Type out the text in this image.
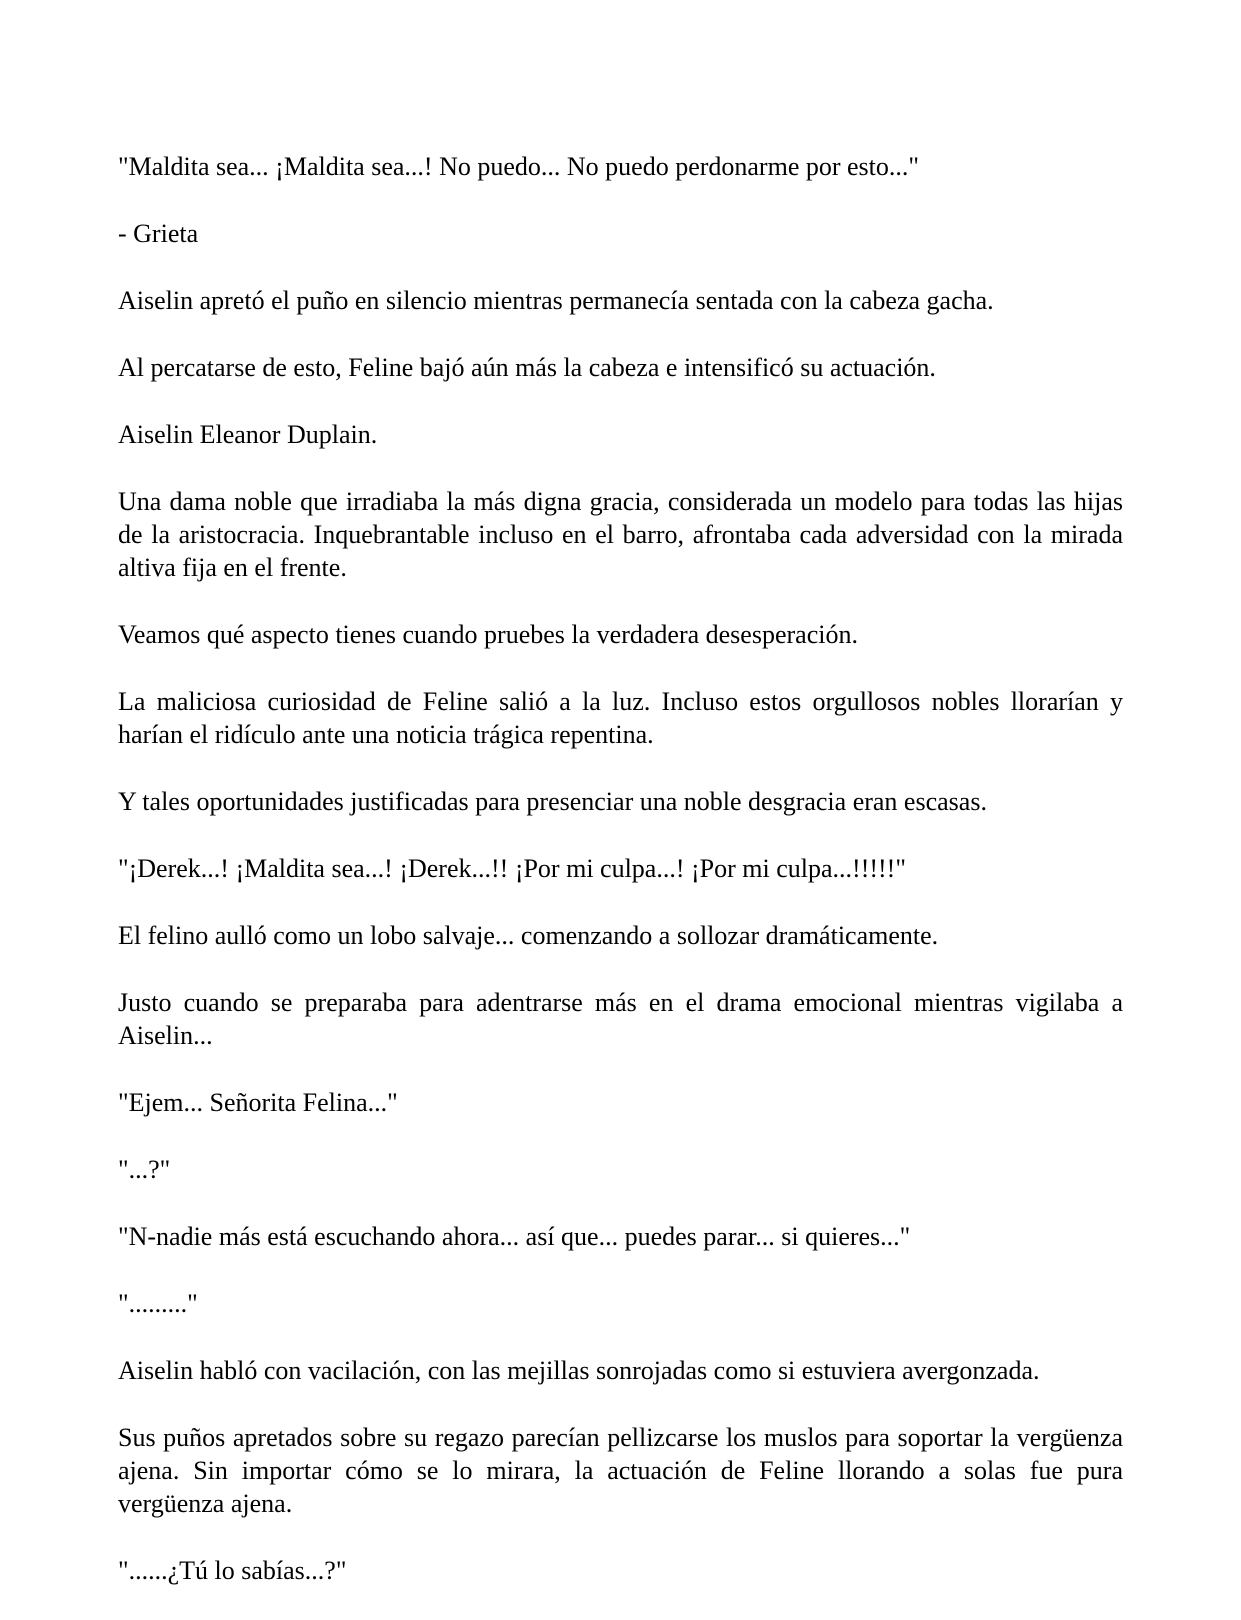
"Maldita sea... ¡Maldita sea...! No puedo... No puedo perdonarme por esto..."

- Grieta

Aiselin apretó el puño en silencio mientras permanecía sentada con la cabeza gacha.

Al percatarse de esto, Feline bajó aún más la cabeza e intensificó su actuación.

Aiselin Eleanor Duplain.

Una dama noble que irradiaba la más digna gracia, considerada un modelo para todas las hijas de la aristocracia. Inquebrantable incluso en el barro, afrontaba cada adversidad con la mirada altiva fija en el frente.

Veamos qué aspecto tienes cuando pruebes la verdadera desesperación.

La maliciosa curiosidad de Feline salió a la luz. Incluso estos orgullosos nobles llorarían y harían el ridículo ante una noticia trágica repentina.

Y tales oportunidades justificadas para presenciar una noble desgracia eran escasas.

"¡Derek...! ¡Maldita sea...! ¡Derek...!! ¡Por mi culpa...! ¡Por mi culpa...!!!!!"

El felino aulló como un lobo salvaje... comenzando a sollozar dramáticamente.

Justo cuando se preparaba para adentrarse más en el drama emocional mientras vigilaba a Aiselin...

"Ejem... Señorita Felina..."

"...?"

"N-nadie más está escuchando ahora... así que... puedes parar... si quieres..."

"........."

Aiselin habló con vacilación, con las mejillas sonrojadas como si estuviera avergonzada.

Sus puños apretados sobre su regazo parecían pellizcarse los muslos para soportar la vergüenza ajena. Sin importar cómo se lo mirara, la actuación de Feline llorando a solas fue pura vergüenza ajena.

"......¿Tú lo sabías...?"
